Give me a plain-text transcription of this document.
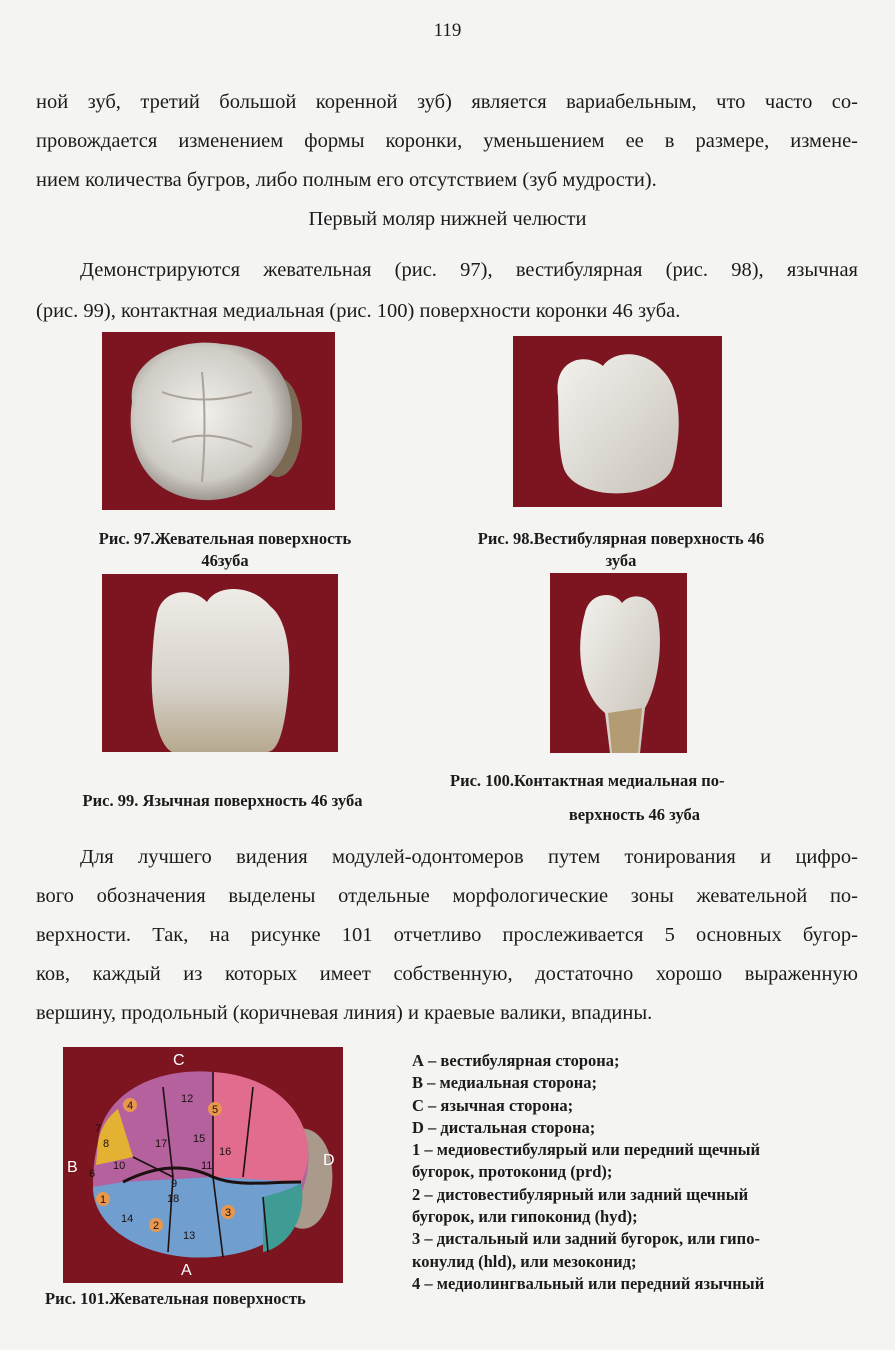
119
ной зуб, третий большой коренной зуб) является вариабельным, что часто со-
провождается изменением формы коронки, уменьшением ее в размере, измене-
нием количества бугров, либо полным его отсутствием (зуб мудрости).
Первый моляр нижней челюсти
Демонстрируются жевательная (рис. 97), вестибулярная (рис. 98), язычная
(рис. 99), контактная медиальная (рис. 100) поверхности коронки 46 зуба.
Рис. 97.Жевательная поверхность
46зуба
Рис. 98.Вестибулярная поверхность 46
зуба
Рис. 99. Язычная поверхность 46 зуба
Рис. 100.Контактная медиальная по-
верхность 46 зуба
Для лучшего видения модулей-одонтомеров путем тонирования и цифро-
вого обозначения выделены отдельные морфологические зоны жевательной по-
верхности. Так, на рисунке 101 отчетливо прослеживается 5 основных бугор-
ков, каждый из которых имеет собственную, достаточно хорошо выраженную
вершину, продольный (коричневая линия) и краевые валики, впадины.
C
B	D
A
1
2
3
4	5
6
7
8
9
10	11
12
13
14
15
16
17
18
Рис. 101.Жевательная поверхность
А – вестибулярная сторона;
В – медиальная сторона;
С – язычная сторона;
D – дистальная сторона;
1 – медиовестибулярый или передний щечный
бугорок, протоконид (prd);
2 – дистовестибулярный или задний щечный
бугорок, или гипоконид (hyd);
3 – дистальный или задний бугорок, или гипо-
конулид (hld), или мезоконид;
4 – медиолингвальный или передний язычный
